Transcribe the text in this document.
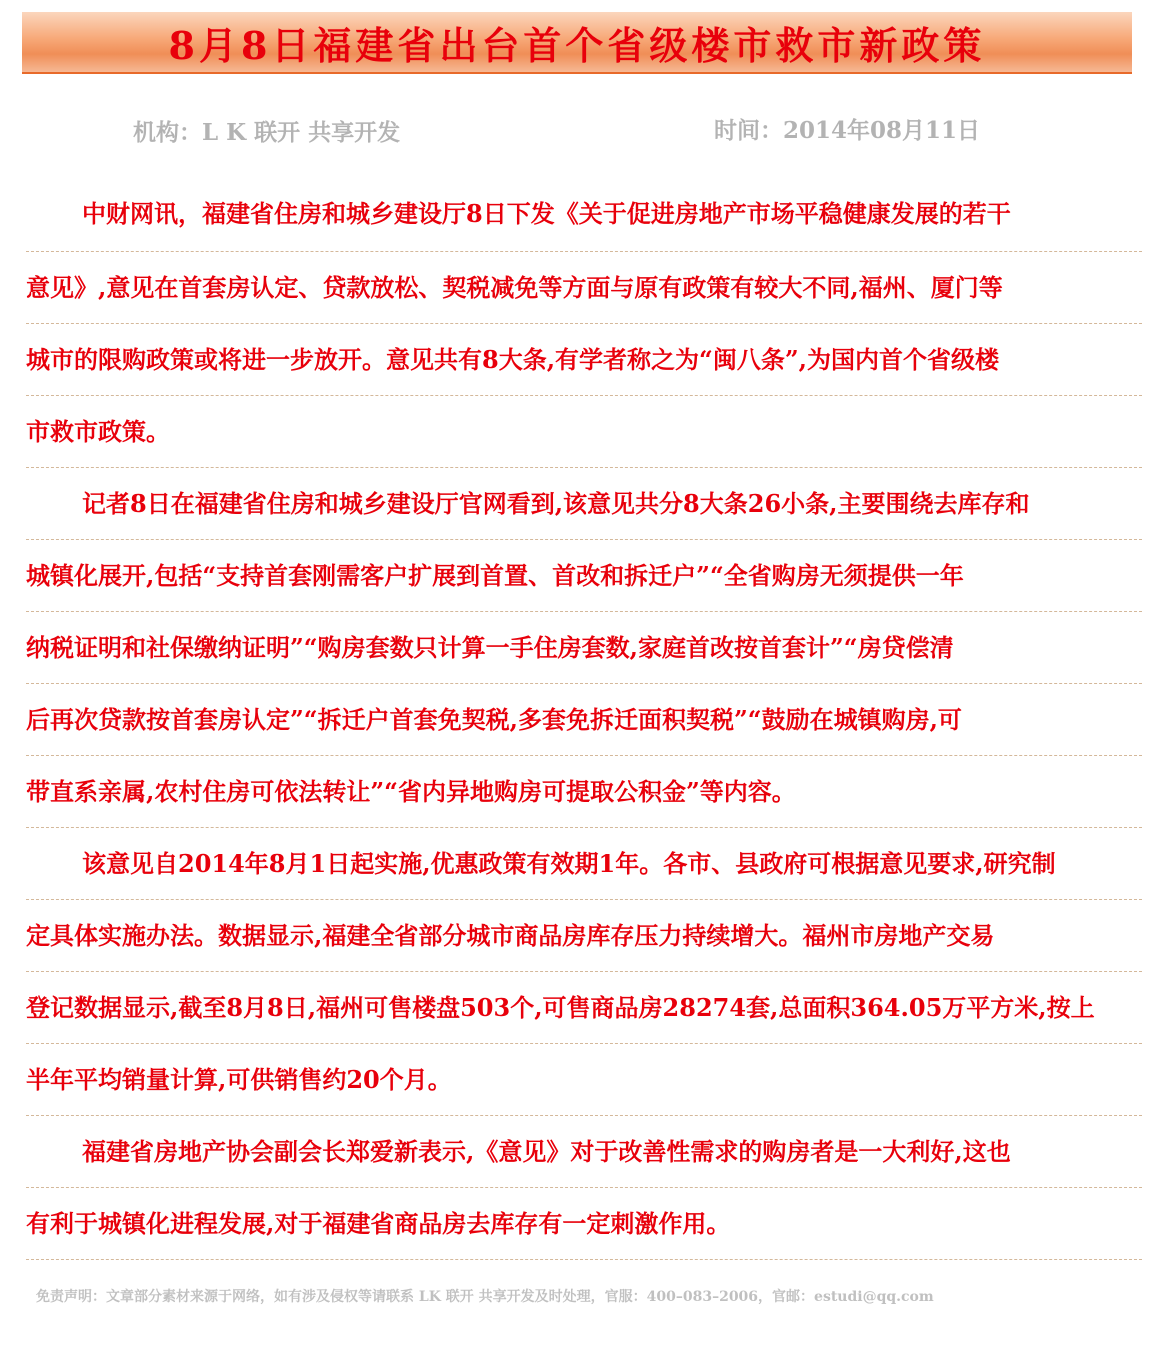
8月8日福建省出台首个省级楼市救市新政策
机构：L K 联开 共享开发	时间：2014年08月11日
中财网讯，福建省住房和城乡建设厅8日下发《关于促进房地产市场平稳健康发展的若干
意见》,意见在首套房认定、贷款放松、契税减免等方面与原有政策有较大不同,福州、厦门等
城市的限购政策或将进一步放开。意见共有8大条,有学者称之为“闽八条”,为国内首个省级楼
市救市政策。
记者8日在福建省住房和城乡建设厅官网看到,该意见共分8大条26小条,主要围绕去库存和
城镇化展开,包括“支持首套刚需客户扩展到首置、首改和拆迁户”“全省购房无须提供一年
纳税证明和社保缴纳证明”“购房套数只计算一手住房套数,家庭首改按首套计”“房贷偿清
后再次贷款按首套房认定”“拆迁户首套免契税,多套免拆迁面积契税”“鼓励在城镇购房,可
带直系亲属,农村住房可依法转让”“省内异地购房可提取公积金”等内容。
该意见自2014年8月1日起实施,优惠政策有效期1年。各市、县政府可根据意见要求,研究制
定具体实施办法。数据显示,福建全省部分城市商品房库存压力持续增大。福州市房地产交易
登记数据显示,截至8月8日,福州可售楼盘503个,可售商品房28274套,总面积364.05万平方米,按上
半年平均销量计算,可供销售约20个月。
福建省房地产协会副会长郑爱新表示,《意见》对于改善性需求的购房者是一大利好,这也
有利于城镇化进程发展,对于福建省商品房去库存有一定刺激作用。
免责声明：文章部分素材来源于网络，如有涉及侵权等请联系 LK 联开 共享开发及时处理，官服：400–083–2006，官邮：estudi@qq.com
